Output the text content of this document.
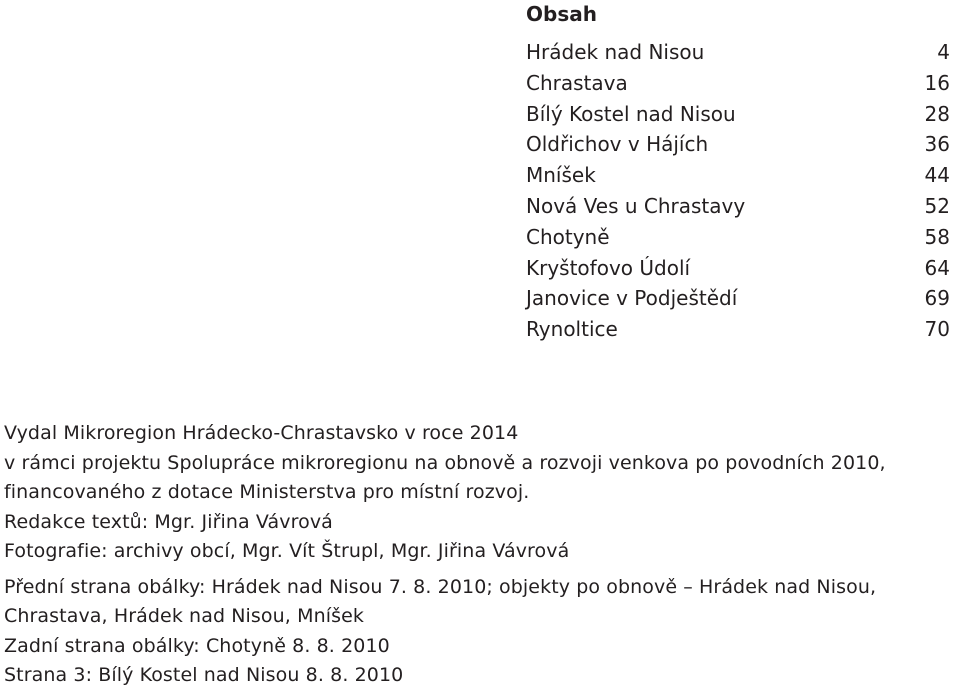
Obsah
Hrádek nad Nisou	4
Chrastava	16
Bílý Kostel nad Nisou	28
Oldřichov v Hájích	36
Mníšek	44
Nová Ves u Chrastavy	52
Chotyně	58
Kryštofovo Údolí	64
Janovice v Podještědí	69
Rynoltice	70

Vydal Mikroregion Hrádecko-Chrastavsko v roce 2014

v rámci projektu Spolupráce mikroregionu na obnově a rozvoji venkova po povodních 2010,

financovaného z dotace Ministerstva pro místní rozvoj.

Redakce textů: Mgr. Jiřina Vávrová

Fotografie: archivy obcí, Mgr. Vít Štrupl, Mgr. Jiřina Vávrová

Přední strana obálky: Hrádek nad Nisou 7. 8. 2010; objekty po obnově – Hrádek nad Nisou,

Chrastava, Hrádek nad Nisou, Mníšek

Zadní strana obálky: Chotyně 8. 8. 2010

Strana 3: Bílý Kostel nad Nisou 8. 8. 2010
